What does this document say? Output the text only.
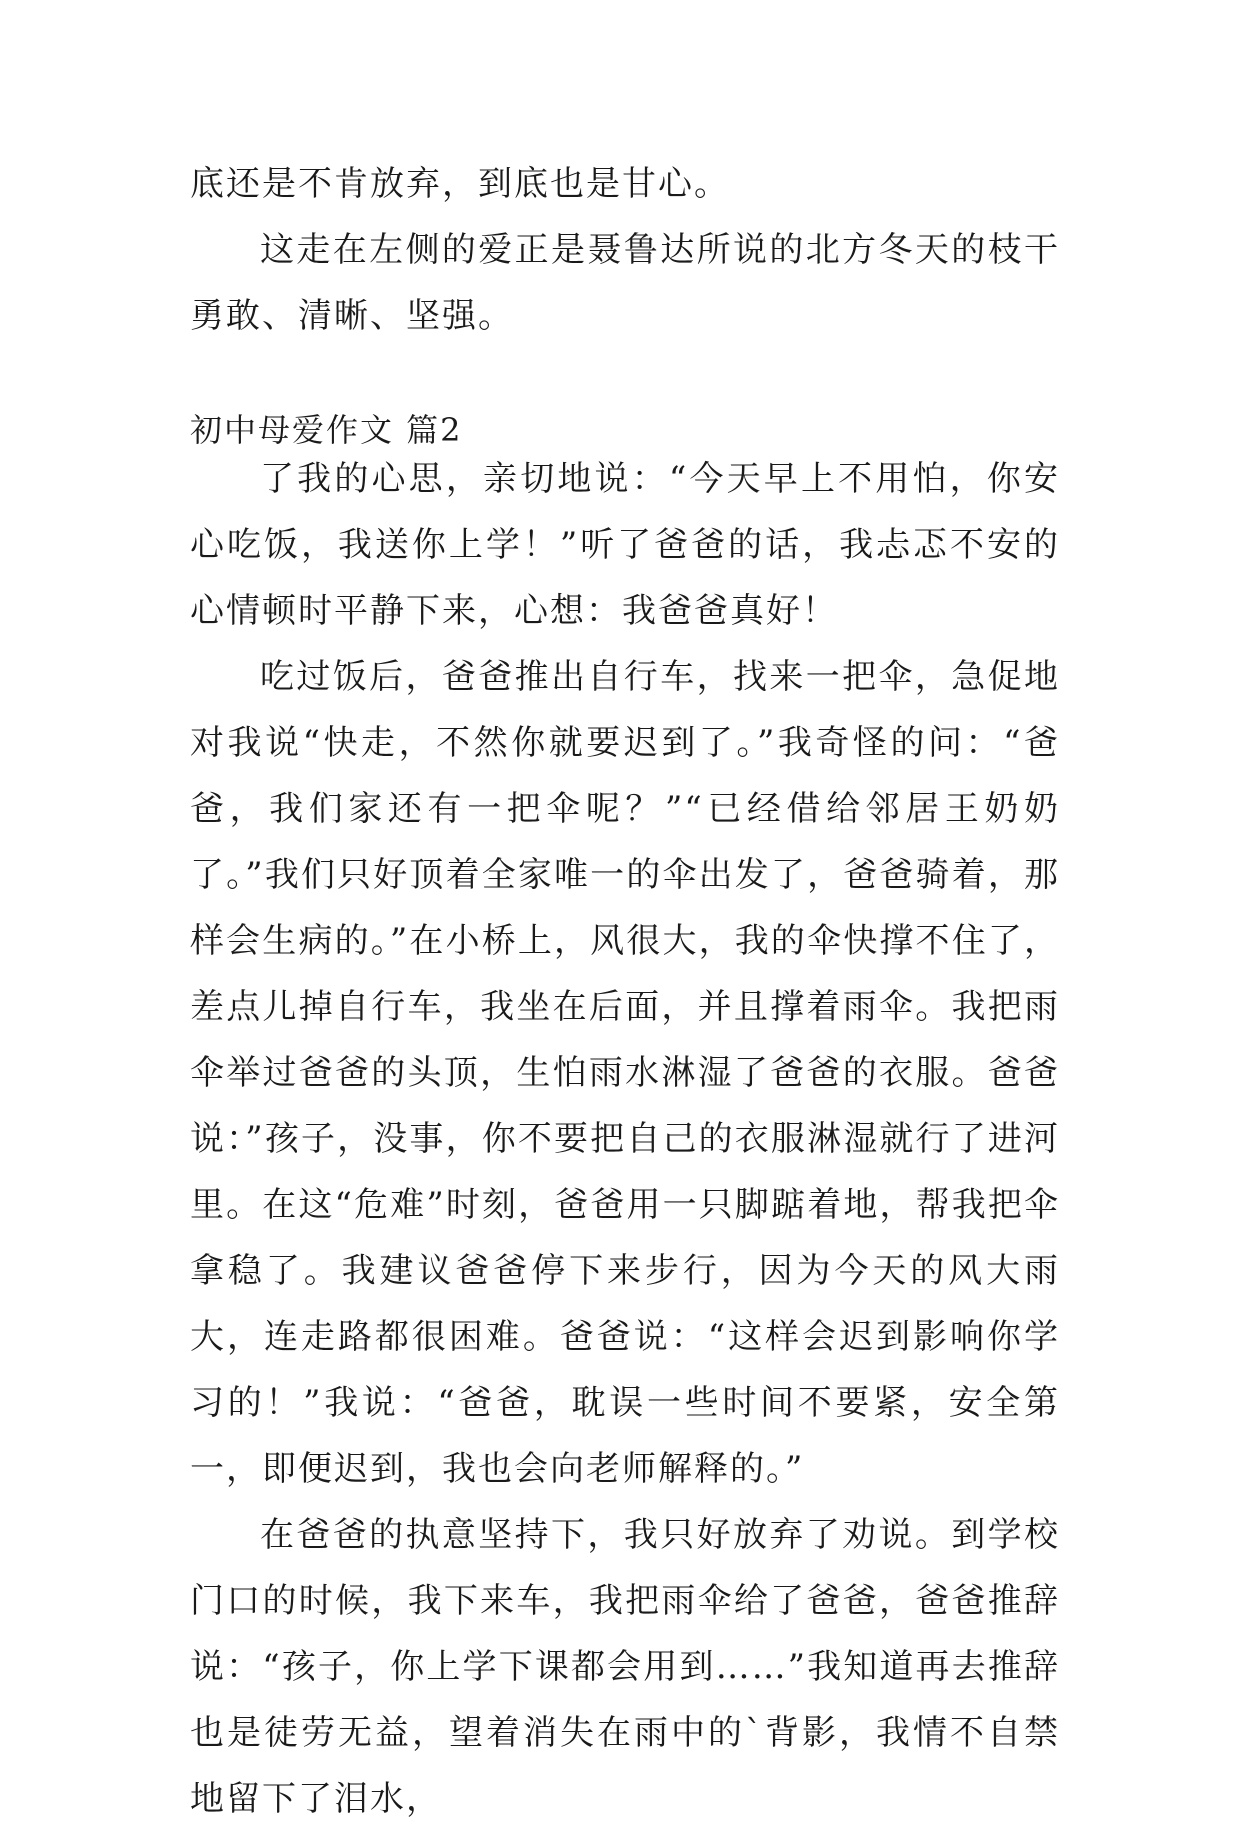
底还是不肯放弃，到底也是甘心。

这走在左侧的爱正是聂鲁达所说的北方冬天的枝干勇敢、清晰、坚强。

初中母爱作文 篇2

了我的心思，亲切地说：“今天早上不用怕，你安心吃饭，我送你上学！”听了爸爸的话，我忐忑不安的心情顿时平静下来，心想：我爸爸真好！

吃过饭后，爸爸推出自行车，找来一把伞，急促地对我说“快走，不然你就要迟到了。”我奇怪的问：“爸爸，我们家还有一把伞呢？”“已经借给邻居王奶奶了。”我们只好顶着全家唯一的伞出发了，爸爸骑着，那样会生病的。”在小桥上，风很大，我的伞快撑不住了，差点儿掉自行车，我坐在后面，并且撑着雨伞。我把雨伞举过爸爸的头顶，生怕雨水淋湿了爸爸的衣服。爸爸说：”孩子，没事，你不要把自己的衣服淋湿就行了进河里。在这“危难”时刻，爸爸用一只脚踮着地，帮我把伞拿稳了。我建议爸爸停下来步行，因为今天的风大雨大，连走路都很困难。爸爸说：“这样会迟到影响你学习的！”我说：“爸爸，耽误一些时间不要紧，安全第一，即便迟到，我也会向老师解释的。”

在爸爸的执意坚持下，我只好放弃了劝说。到学校门口的时候，我下来车，我把雨伞给了爸爸，爸爸推辞说：“孩子，你上学下课都会用到……”我知道再去推辞也是徒劳无益，望着消失在雨中的`背影，我情不自禁地留下了泪水，
